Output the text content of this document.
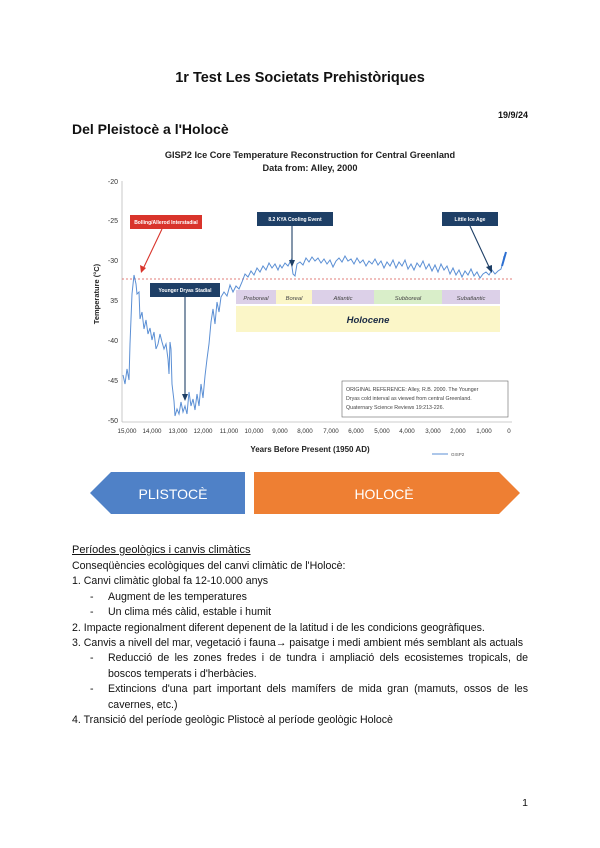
1r Test Les Societats Prehistòriques
19/9/24
Del Pleistocè a l'Holocè
GISP2 Ice Core Temperature Reconstruction for Central Greenland
Data from: Alley, 2000
-20
-25
-30
35
-40
-45
-50
Temperature (°C)
15,000 14,000 13,000 12,000 11,000 10,000 9,000 8,000 7,000 6,000 5,000 4,000 3,000 2,000 1,000	0
Years Before Present (1950 AD)
Preboreal	Boreal	Atlantic	Subboreal	Subatlantic
Holocene
Bolling/Allerod Interstadial	8.2 KYA Cooling Event	Little Ice Age
Younger Dryas Stadial
ORIGINAL REFERENCE: Alley, R.B. 2000. The Younger
Dryas cold interval as viewed from central Greenland.
Quaternary Science Reviews 19:213-226.
GISP2
PLISTOCÈ	HOLOCÈ
Períodes geològics i canvis climàtics

Conseqüències ecològiques del canvi climàtic de l'Holocè:

1. Canvi climàtic global fa 12-10.000 anys

- Augment de les temperatures

- Un clima més càlid, estable i humit

2. Impacte regionalment diferent depenent de la latitud i de les condicions geogràfiques.

3. Canvis a nivell del mar, vegetació i fauna→ paisatge i medi ambient més semblant als actuals

- Reducció de les zones fredes i de tundra i ampliació dels ecosistemes tropicals, de boscos temperats i d'herbàcies.

- Extincions d'una part important dels mamífers de mida gran (mamuts, ossos de les cavernes, etc.)

4. Transició del període geològic Plistocè al període geològic Holocè

1
